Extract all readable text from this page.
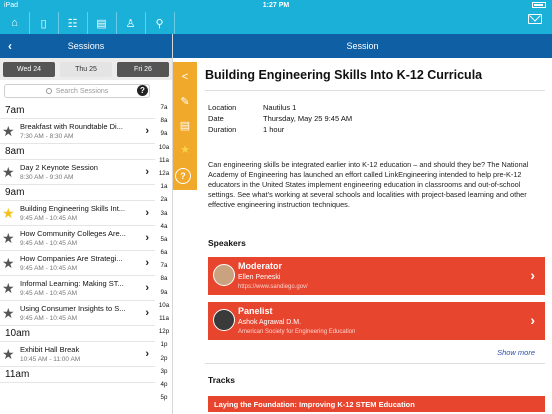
iPad	1:27 PM
⌂	▯	☷	▤	♙	⚲
‹	Sessions	Session
Wed 24	Thu 25	Fri 26
Search Sessions	?
7am
★ Breakfast with Roundtable Di...
7:30 AM - 8:30 AM	›
8am
★ Day 2 Keynote Session
8:30 AM - 9:30 AM	›
9am
★ Building Engineering Skills Int...
9:45 AM - 10:45 AM	›
★ How Community Colleges Are...
9:45 AM - 10:45 AM	›
★ How Companies Are Strategi...
9:45 AM - 10:45 AM	›
★ Informal Learning: Making ST...
9:45 AM - 10:45 AM	›
★ Using Consumer Insights to S...
9:45 AM - 10:45 AM	›
10am
★ Exhibit Hall Break
10:45 AM - 11:00 AM	›
11am
7a
8a
9a
10a
11a
12a
1a
2a
3a
4a
5a
6a
7a
8a
9a
10a
11a
12p
1p
2p
3p
4p
5p
<
✎
▤
★
?
Building Engineering Skills Into K-12 Curricula
Location	Nautilus 1
Date	Thursday, May 25 9:45 AM
Duration	1 hour
Can engineering skills be integrated earlier into K-12 education – and should they be? The National Academy of Engineering has launched an effort called LinkEngineering intended to help pre-K-12 educators in the United States implement engineering education in classrooms and out-of-school settings. See what’s working at several schools and localities with project-based learning and other effective engineering instruction techniques.
Speakers
Moderator
Ellen Peneski
https://www.sandiego.gov/
›
Panelist
Ashok Agrawal D.M.
American Society for Engineering Education
›
Show more
Tracks
Laying the Foundation: Improving K-12 STEM Education
